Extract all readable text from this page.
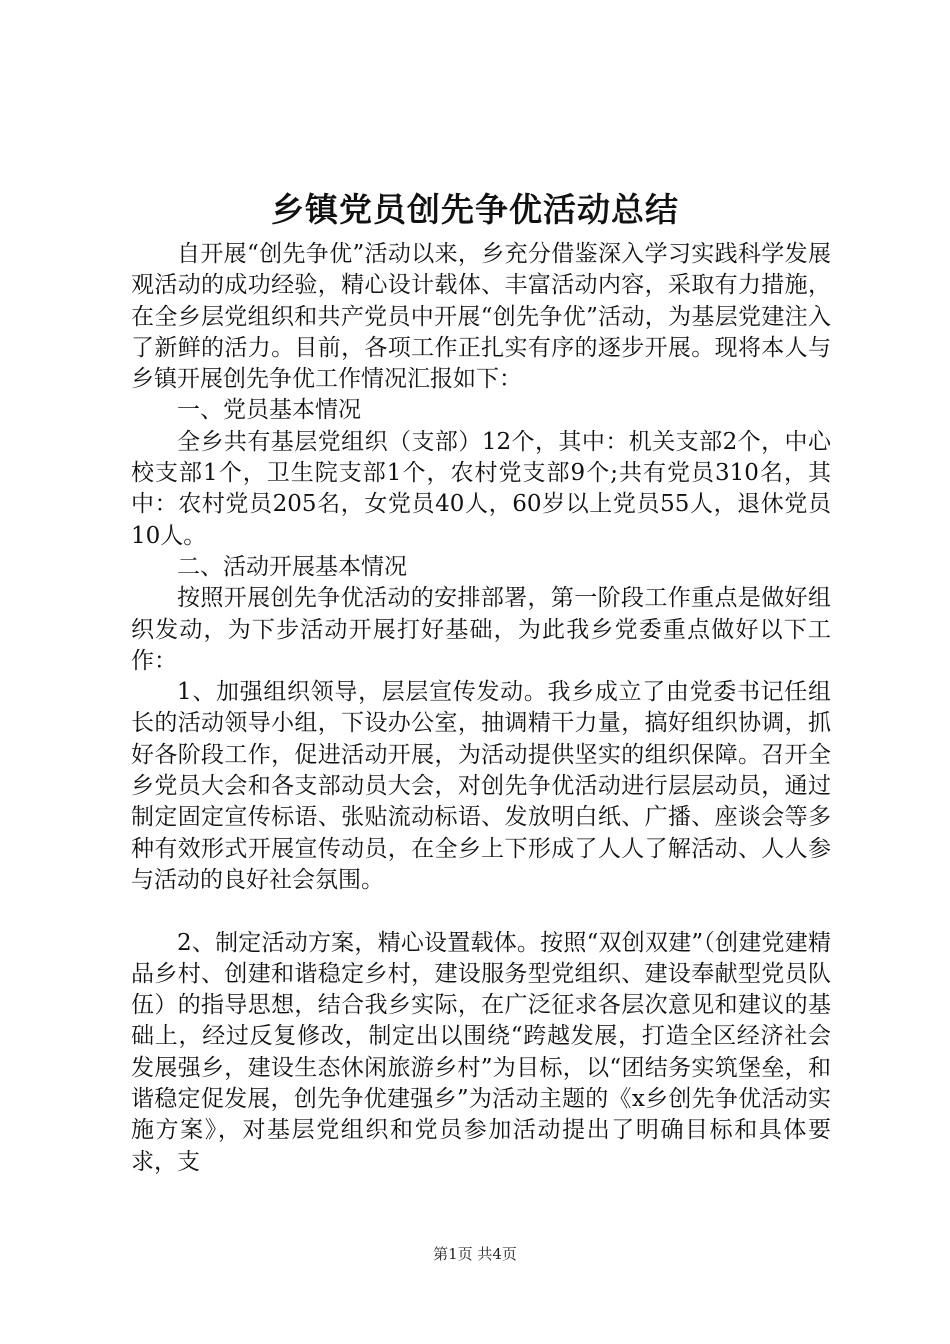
乡镇党员创先争优活动总结

自开展“创先争优”活动以来，乡充分借鉴深入学习实践科学发展观活动的成功经验，精心设计载体、丰富活动内容，采取有力措施，在全乡层党组织和共产党员中开展“创先争优”活动，为基层党建注入了新鲜的活力。目前，各项工作正扎实有序的逐步开展。现将本人与乡镇开展创先争优工作情况汇报如下：

一、党员基本情况

全乡共有基层党组织（支部）12个，其中：机关支部2个，中心校支部1个，卫生院支部1个，农村党支部9个;共有党员310名，其中：农村党员205名，女党员40人，60岁以上党员55人，退休党员10人。

二、活动开展基本情况

按照开展创先争优活动的安排部署，第一阶段工作重点是做好组织发动，为下步活动开展打好基础，为此我乡党委重点做好以下工作：

1、加强组织领导，层层宣传发动。我乡成立了由党委书记任组长的活动领导小组，下设办公室，抽调精干力量，搞好组织协调，抓好各阶段工作，促进活动开展，为活动提供坚实的组织保障。召开全乡党员大会和各支部动员大会，对创先争优活动进行层层动员，通过制定固定宣传标语、张贴流动标语、发放明白纸、广播、座谈会等多种有效形式开展宣传动员，在全乡上下形成了人人了解活动、人人参与活动的良好社会氛围。

2、制定活动方案，精心设置载体。按照“双创双建”（创建党建精品乡村、创建和谐稳定乡村，建设服务型党组织、建设奉献型党员队伍）的指导思想，结合我乡实际，在广泛征求各层次意见和建议的基础上，经过反复修改，制定出以围绕“跨越发展，打造全区经济社会发展强乡，建设生态休闲旅游乡村”为目标，以“团结务实筑堡垒，和谐稳定促发展，创先争优建强乡”为活动主题的《x乡创先争优活动实施方案》，对基层党组织和党员参加活动提出了明确目标和具体要求，支

第1页 共4页
